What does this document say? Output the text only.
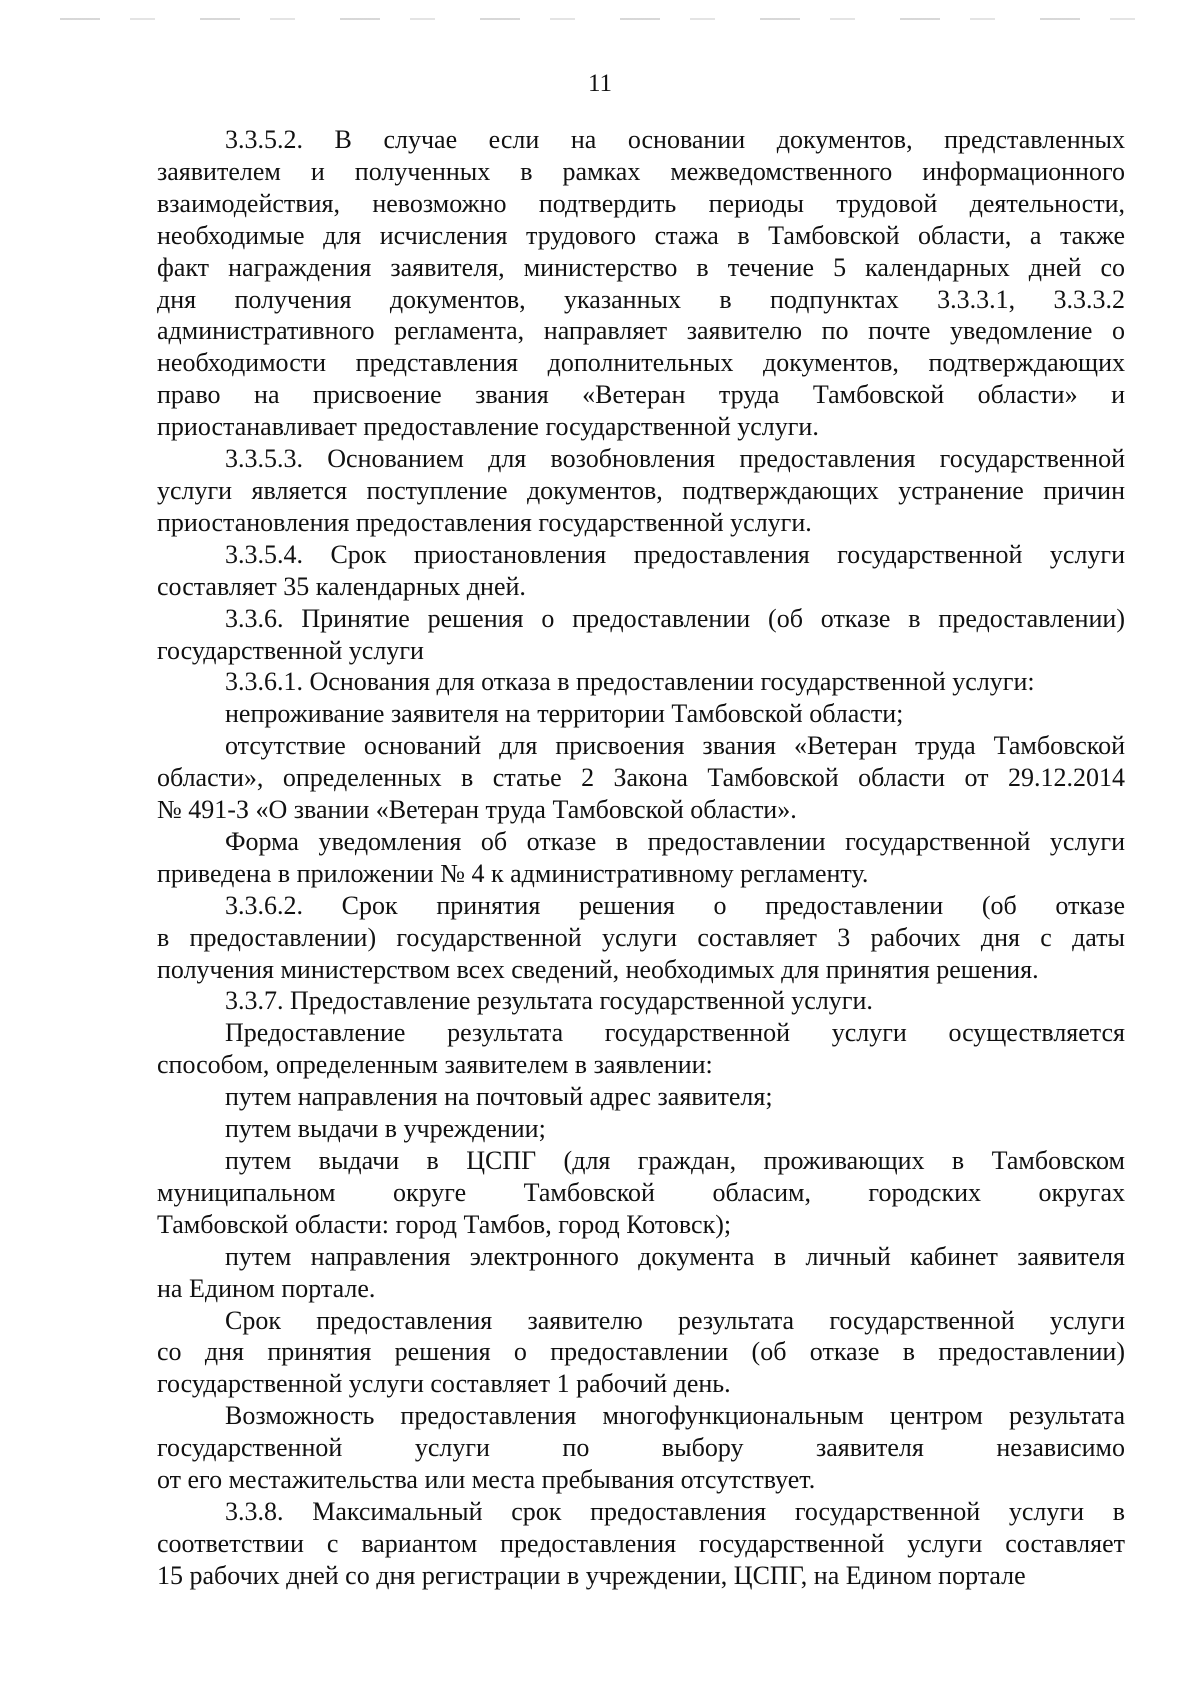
11
3.3.5.2. В случае если на основании документов, представленных
заявителем и полученных в рамках межведомственного информационного
взаимодействия, невозможно подтвердить периоды трудовой деятельности,
необходимые для исчисления трудового стажа в Тамбовской области, а также
факт награждения заявителя, министерство в течение 5 календарных дней со
дня получения документов, указанных в подпунктах 3.3.3.1, 3.3.3.2
административного регламента, направляет заявителю по почте уведомление о
необходимости представления дополнительных документов, подтверждающих
право на присвоение звания «Ветеран труда Тамбовской области» и
приостанавливает предоставление государственной услуги.
3.3.5.3. Основанием для возобновления предоставления государственной
услуги является поступление документов, подтверждающих устранение причин
приостановления предоставления государственной услуги.
3.3.5.4. Срок приостановления предоставления государственной услуги
составляет 35 календарных дней.
3.3.6. Принятие решения о предоставлении (об отказе в предоставлении)
государственной услуги
3.3.6.1. Основания для отказа в предоставлении государственной услуги:
непроживание заявителя на территории Тамбовской области;
отсутствие оснований для присвоения звания «Ветеран труда Тамбовской
области», определенных в статье 2 Закона Тамбовской области от 29.12.2014
№ 491-З «О звании «Ветеран труда Тамбовской области».
Форма уведомления об отказе в предоставлении государственной услуги
приведена в приложении № 4 к административному регламенту.
3.3.6.2. Срок принятия решения о предоставлении (об отказе
в предоставлении) государственной услуги составляет 3 рабочих дня с даты
получения министерством всех сведений, необходимых для принятия решения.
3.3.7. Предоставление результата государственной услуги.
Предоставление результата государственной услуги осуществляется
способом, определенным заявителем в заявлении:
путем направления на почтовый адрес заявителя;
путем выдачи в учреждении;
путем выдачи в ЦСПГ (для граждан, проживающих в Тамбовском
муниципальном округе Тамбовской обласим, городских округах
Тамбовской области: город Тамбов, город Котовск);
путем направления электронного документа в личный кабинет заявителя
на Едином портале.
Срок предоставления заявителю результата государственной услуги
со дня принятия решения о предоставлении (об отказе в предоставлении)
государственной услуги составляет 1 рабочий день.
Возможность предоставления многофункциональным центром результата
государственной услуги по выбору заявителя независимо
от его местажительства или места пребывания отсутствует.
3.3.8. Максимальный срок предоставления государственной услуги в
соответствии с вариантом предоставления государственной услуги составляет
15 рабочих дней со дня регистрации в учреждении, ЦСПГ, на Едином портале
